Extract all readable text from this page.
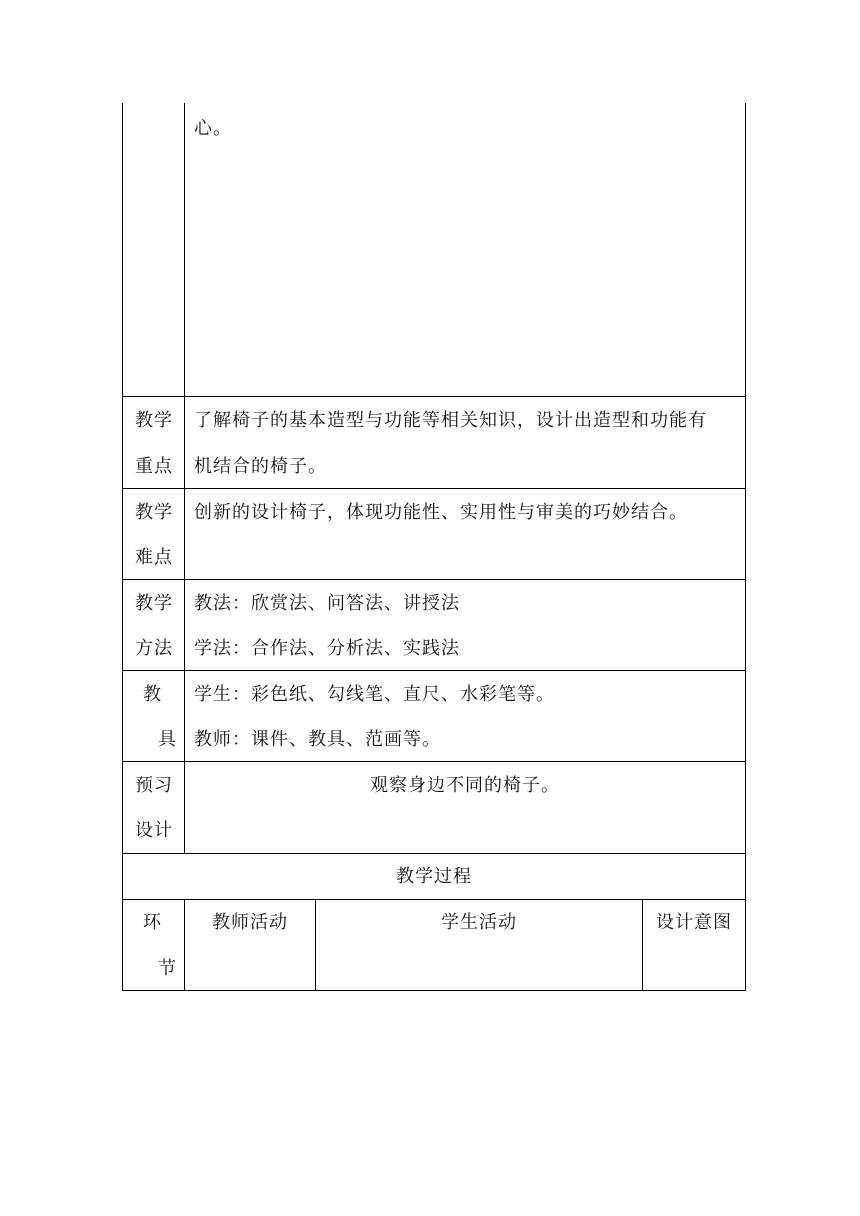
心。
教学
重点
了解椅子的基本造型与功能等相关知识，设计出造型和功能有
机结合的椅子。
教学
难点
创新的设计椅子，体现功能性、实用性与审美的巧妙结合。
教学
方法
教法：欣赏法、问答法、讲授法
学法：合作法、分析法、实践法
教
具
学生：彩色纸、勾线笔、直尺、水彩笔等。
教师：课件、教具、范画等。
预习
设计
观察身边不同的椅子。
教学过程
环
节
教师活动	学生活动	设计意图
